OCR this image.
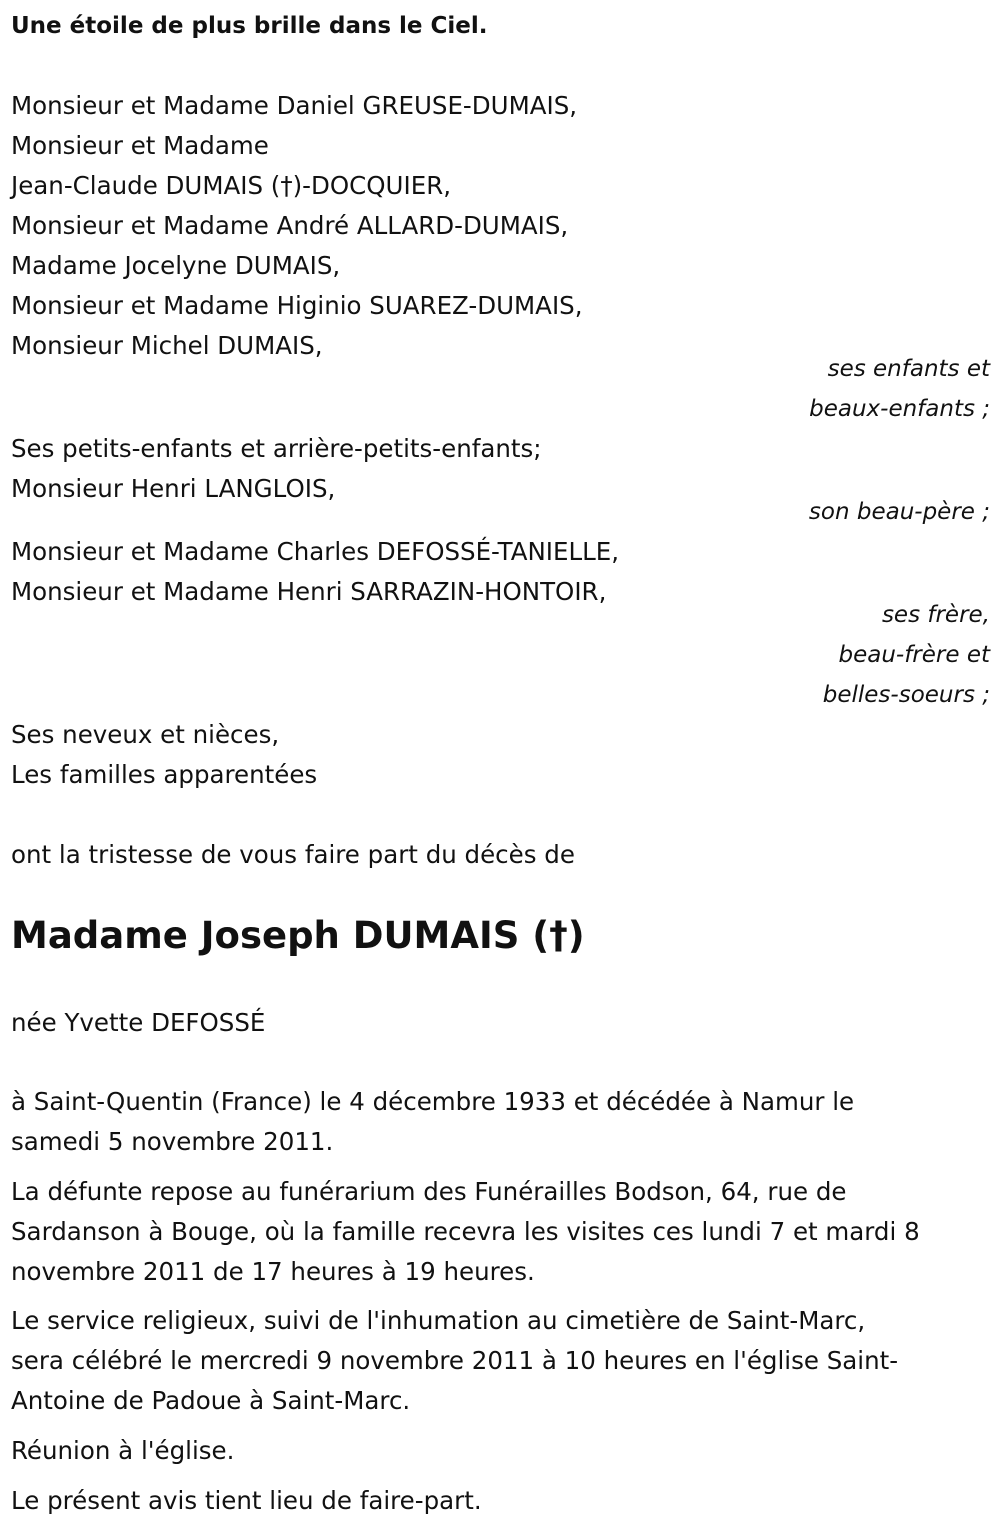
Une étoile de plus brille dans le Ciel.
Monsieur et Madame Daniel GREUSE-DUMAIS,
Monsieur et Madame
Jean-Claude DUMAIS (†)-DOCQUIER,
Monsieur et Madame André ALLARD-DUMAIS,
Madame Jocelyne DUMAIS,
Monsieur et Madame Higinio SUAREZ-DUMAIS,
Monsieur Michel DUMAIS,
ses enfants et
beaux-enfants ;
Ses petits-enfants et arrière-petits-enfants;
Monsieur Henri LANGLOIS,
son beau-père ;
Monsieur et Madame Charles DEFOSSÉ-TANIELLE,
Monsieur et Madame Henri SARRAZIN-HONTOIR,
ses frère,
beau-frère et
belles-soeurs ;
Ses neveux et nièces,
Les familles apparentées
ont la tristesse de vous faire part du décès de
Madame Joseph DUMAIS (†)
née Yvette DEFOSSÉ
à Saint-Quentin (France) le 4 décembre 1933 et décédée à Namur le
samedi 5 novembre 2011.
La défunte repose au funérarium des Funérailles Bodson, 64, rue de
Sardanson à Bouge, où la famille recevra les visites ces lundi 7 et mardi 8
novembre 2011 de 17 heures à 19 heures.
Le service religieux, suivi de l'inhumation au cimetière de Saint-Marc,
sera célébré le mercredi 9 novembre 2011 à 10 heures en l'église Saint-
Antoine de Padoue à Saint-Marc.
Réunion à l'église.
Le présent avis tient lieu de faire-part.
